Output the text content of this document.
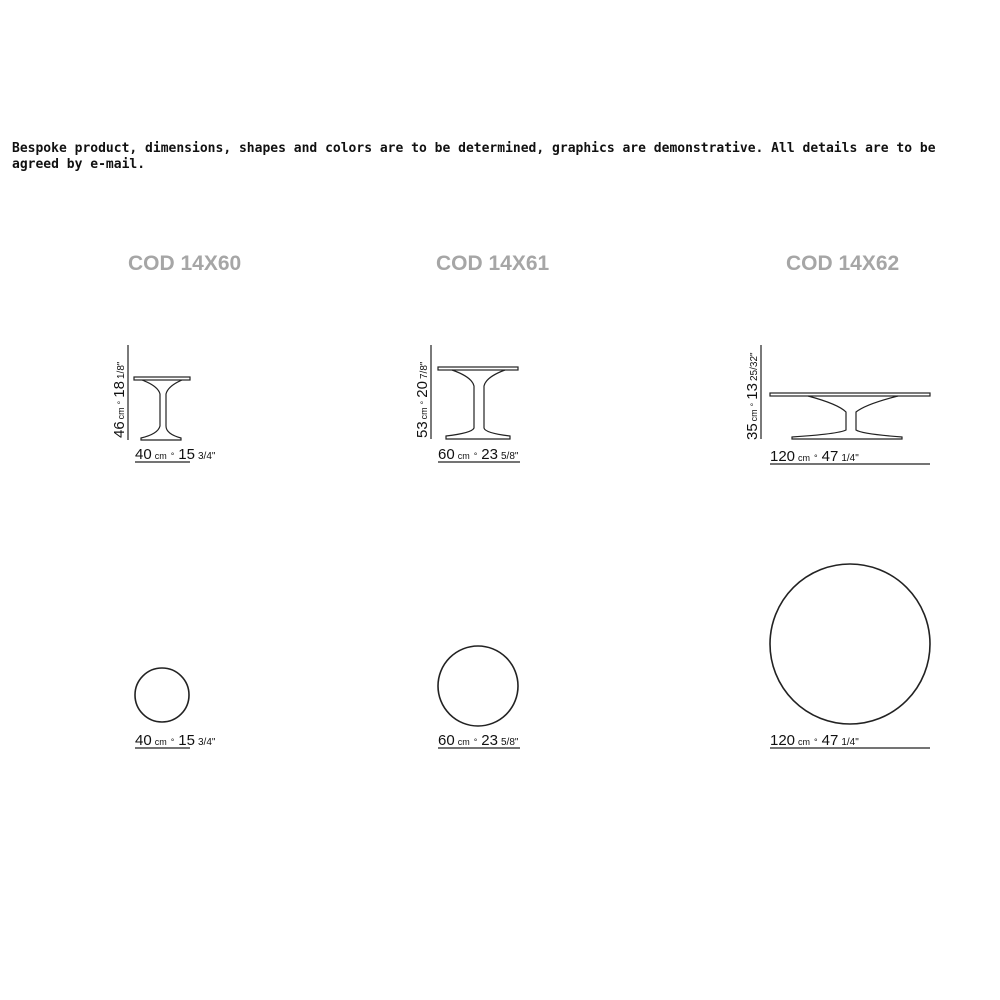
Bespoke product, dimensions, shapes and colors are to be determined, graphics are demonstrative. All details are to be agreed by e-mail.
COD 14X60	COD 14X61	COD 14X62
46cm°181/8"
53cm°207/8"
35cm°1325/32"
40 cm ° 15 3/4"	60 cm ° 23 5/8"	120 cm ° 47 1/4"
40 cm ° 15 3/4"	60 cm ° 23 5/8"	120 cm ° 47 1/4"
